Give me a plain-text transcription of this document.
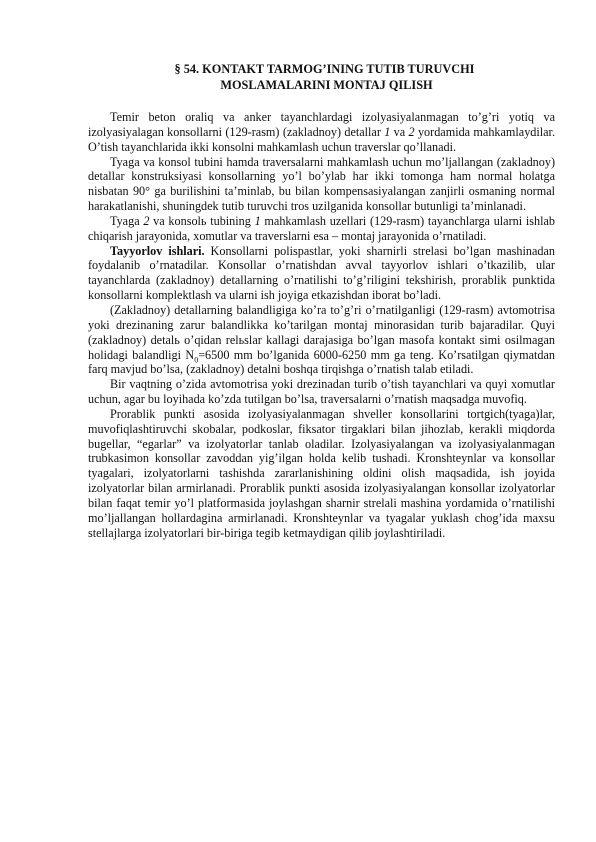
§ 54. KONTAKT TARMOG’INING TUTIB TURUVCHI
MOSLAMALARINI MONTAJ QILISH

Temir beton oraliq va anker tayanchlardagi izolyasiyalanmagan to’g’ri yotiq va izolyasiyalagan konsollarni (129-rasm) (zakladnoy) detallar 1 va 2 yordamida mahkamlaydilar. O’tish tayanchlarida ikki konsolni mahkamlash uchun traverslar qo’llanadi.

Tyaga va konsol tubini hamda traversalarni mahkamlash uchun mo’ljallangan (zakladnoy) detallar konstruksiyasi konsollarning yo’l bo’ylab har ikki tomonga ham normal holatga nisbatan 90° ga burilishini ta’minlab, bu bilan kompensasiyalangan zanjirli osmaning normal harakatlanishi, shuningdek tutib turuvchi tros uzilganida konsollar butunligi ta’minlanadi.

Tyaga 2 va konsolь tubining 1 mahkamlash uzellari (129-rasm) tayanchlarga ularni ishlab chiqarish jarayonida, xomutlar va traverslarni esa – montaj jarayonida o’rnatiladi.

Tayyorlov ishlari. Konsollarni polispastlar, yoki sharnirli strelasi bo’lgan mashinadan foydalanib o’rnatadilar. Konsollar o’rnatishdan avval tayyorlov ishlari o’tkazilib, ular tayanchlarda (zakladnoy) detallarning o’rnatilishi to’g’riligini tekshirish, prorablik punktida konsollarni komplektlash va ularni ish joyiga etkazishdan iborat bo’ladi.

(Zakladnoy) detallarning balandligiga ko’ra to’g’ri o’rnatilganligi (129-rasm) avtomotrisa yoki drezinaning zarur balandlikka ko’tarilgan montaj minorasidan turib bajaradilar. Quyi (zakladnoy) detalь o’qidan relьslar kallagi darajasiga bo’lgan masofa kontakt simi osilmagan holidagi balandligi $N_0=6500$ mm bo’lganida 6000-6250 mm ga teng. Ko’rsatilgan qiymatdan farq mavjud bo’lsa, (zakladnoy) detalni boshqa tirqishga o’rnatish talab etiladi.

Bir vaqtning o’zida avtomotrisa yoki drezinadan turib o’tish tayanchlari va quyi xomutlar uchun, agar bu loyihada ko’zda tutilgan bo’lsa, traversalarni o’rnatish maqsadga muvofiq.

Prorablik punkti asosida izolyasiyalanmagan shveller konsollarini tortgich(tyaga)lar, muvofiqlashtiruvchi skobalar, podkoslar, fiksator tirgaklari bilan jihozlab, kerakli miqdorda bugellar, “egarlar” va izolyatorlar tanlab oladilar. Izolyasiyalangan va izolyasiyalanmagan trubkasimon konsollar zavoddan yig’ilgan holda kelib tushadi. Kronshteynlar va konsollar tyagalari, izolyatorlarni tashishda zararlanishining oldini olish maqsadida, ish joyida izolyatorlar bilan armirlanadi. Prorablik punkti asosida izolyasiyalangan konsollar izolyatorlar bilan faqat temir yo’l platformasida joylashgan sharnir strelali mashina yordamida o’rnatilishi mo’ljallangan hollardagina armirlanadi. Kronshteynlar va tyagalar yuklash chog’ida maxsu stellajlarga izolyatorlari bir-biriga tegib ketmaydigan qilib joylashtiriladi.
